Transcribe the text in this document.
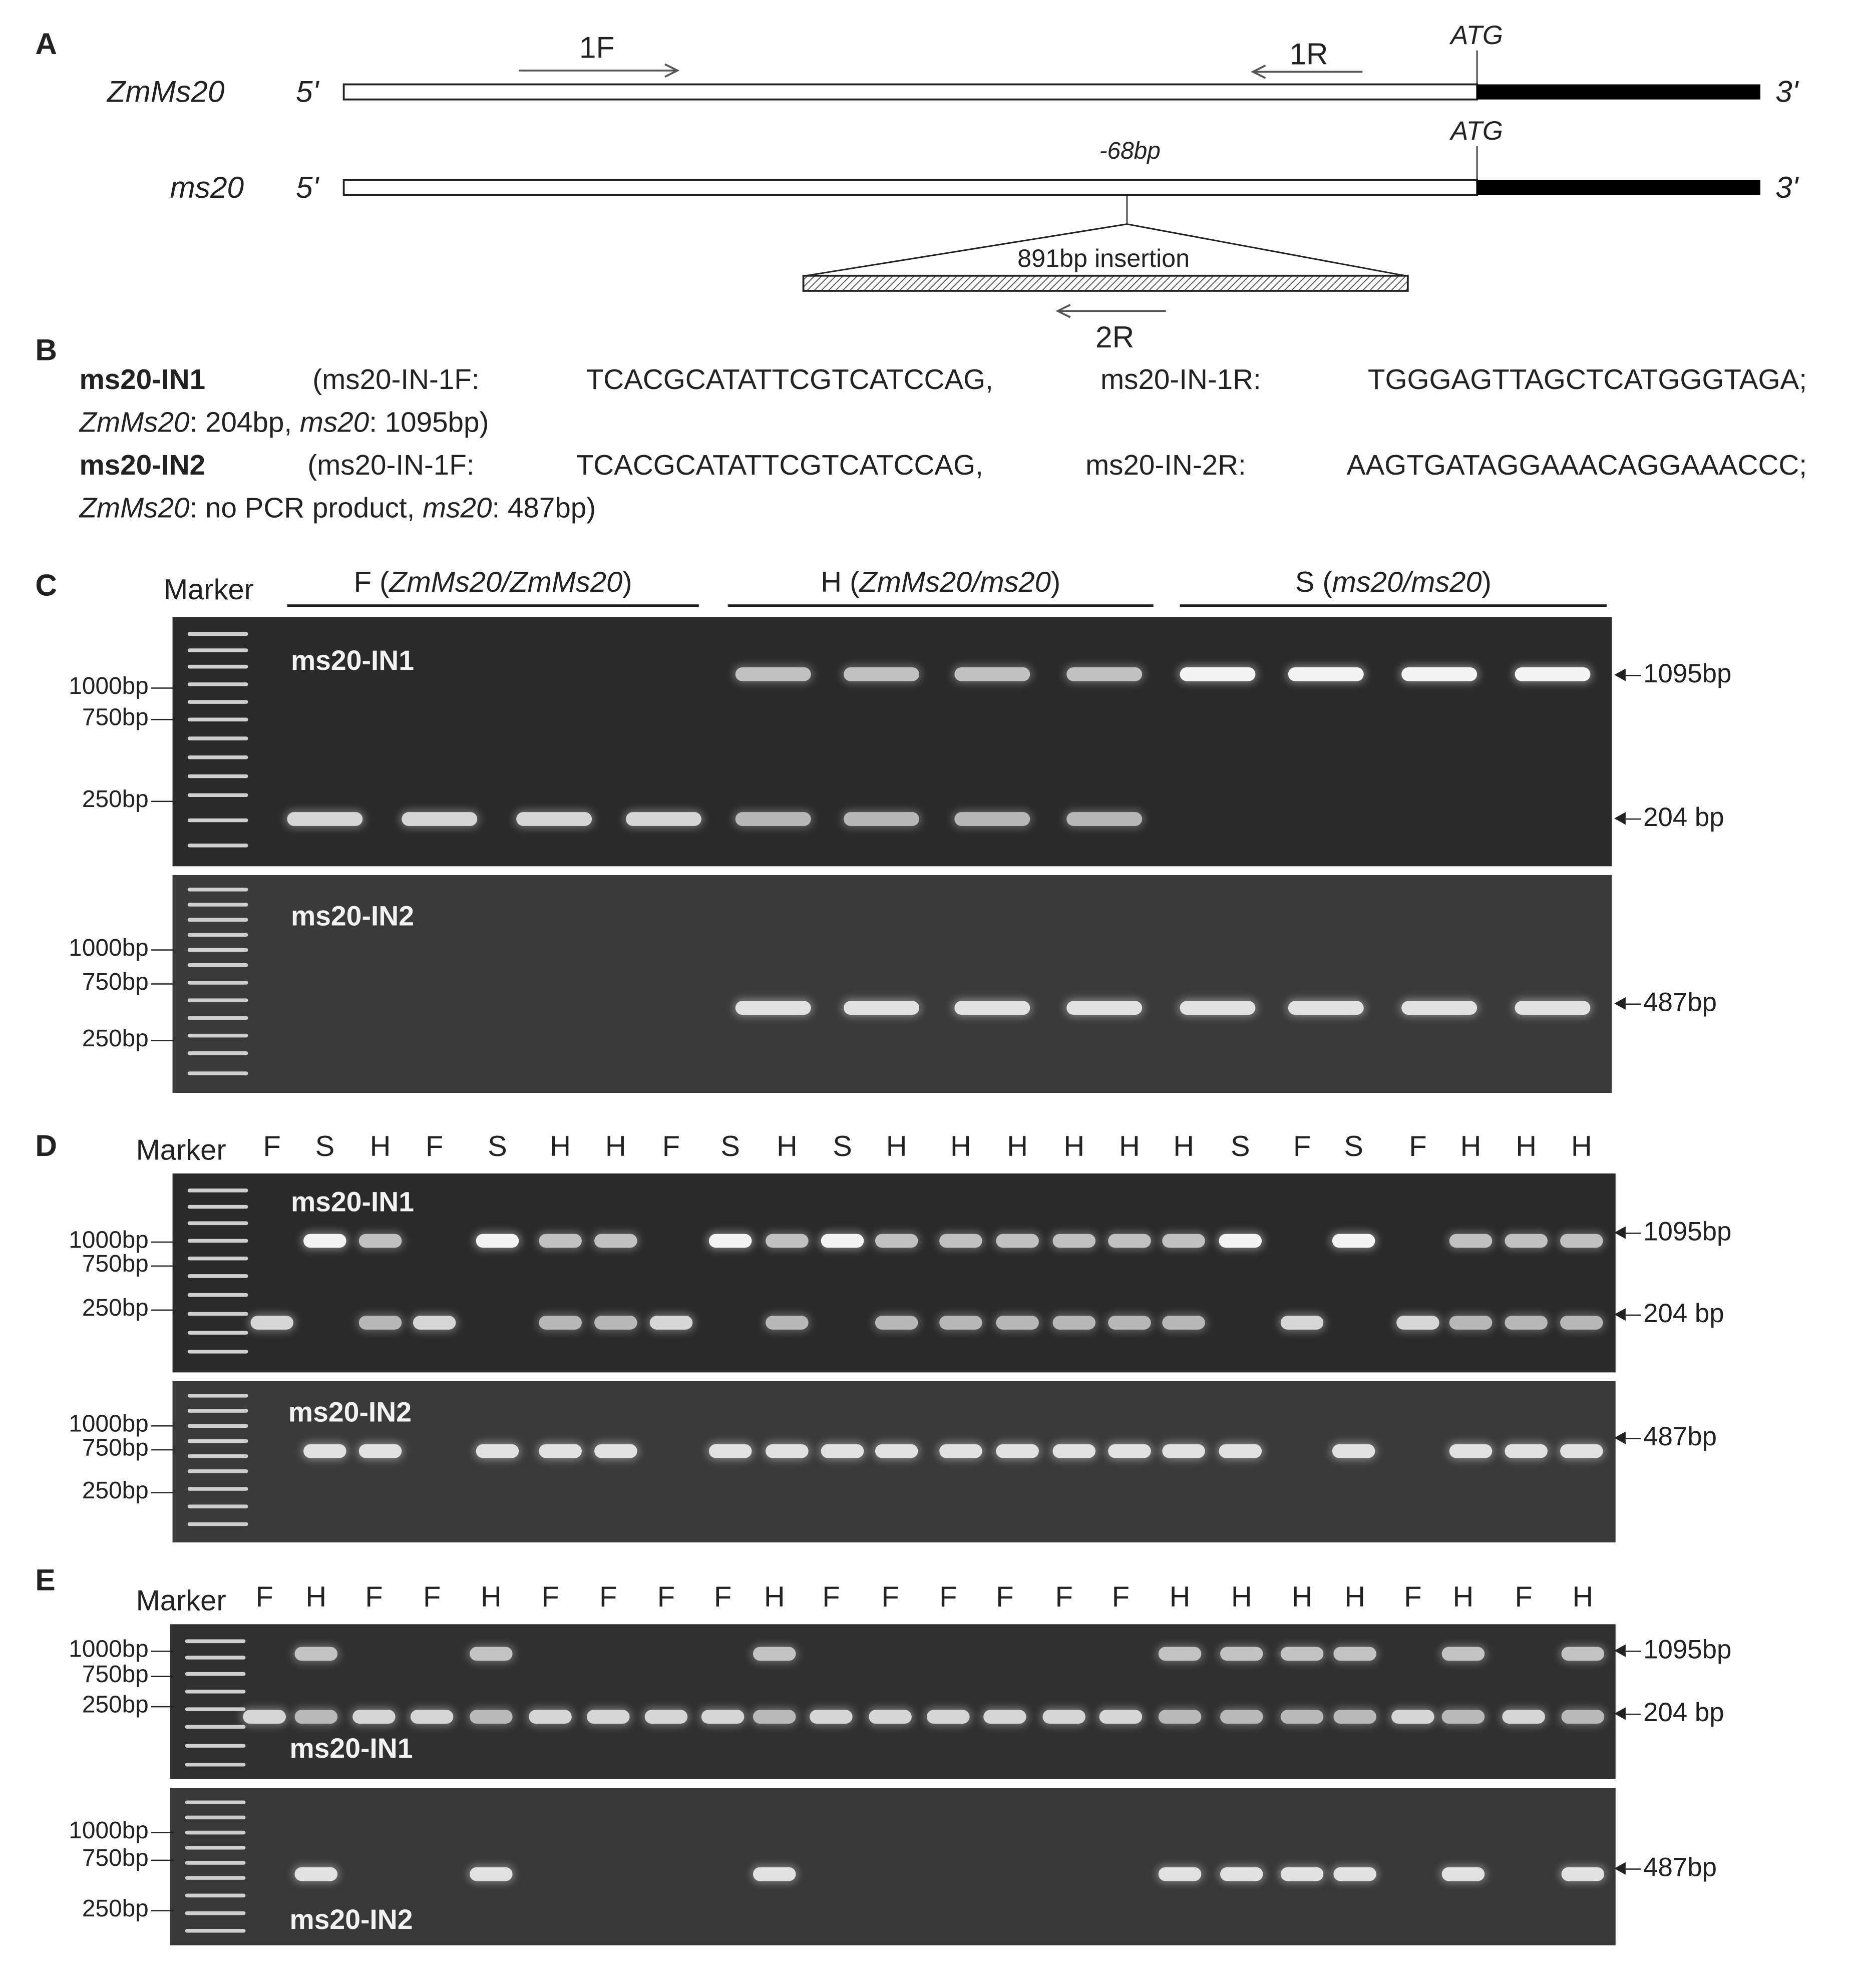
A
ZmMs20	5'	3'
ATG
1F	1R
ms20	5'	3'
ATG
-68bp
891bp insertion
2R
B
ms20-IN1	(ms20-IN-1F: TCACGCATATTCGTCATCCAG, ms20-IN-1R: TGGGAGTTAGCTCATGGGTAGA;
ZmMs20: 204bp, ms20: 1095bp)
ms20-IN2	(ms20-IN-1F: TCACGCATATTCGTCATCCAG, ms20-IN-2R: AAGTGATAGGAAACAGGAAACCC;
ZmMs20: no PCR product, ms20: 487bp)
C	Marker	F (ZmMs20/ZmMs20)	H (ZmMs20/ms20)	S (ms20/ms20)
ms20-IN1
ms20-IN2
1000bp
750bp
250bp
1000bp
750bp
250bp
1095bp
204 bp
487bp
D	Marker	F	S	H	F	S	H	H	F	S	H	S	H	H	H	H	H	H	S	F	S	F	H	H	H
ms20-IN1
ms20-IN2
1000bp
750bp
250bp
1000bp
750bp
250bp
1095bp
204 bp
487bp
E
Marker	F	H	F	F	H	F	F	F	F	H	F	F	F	F	F	F	H	H	H	H	F	H	F	H
ms20-IN1
ms20-IN2
1000bp
750bp
250bp
1000bp
750bp
250bp
1095bp
204 bp
487bp
